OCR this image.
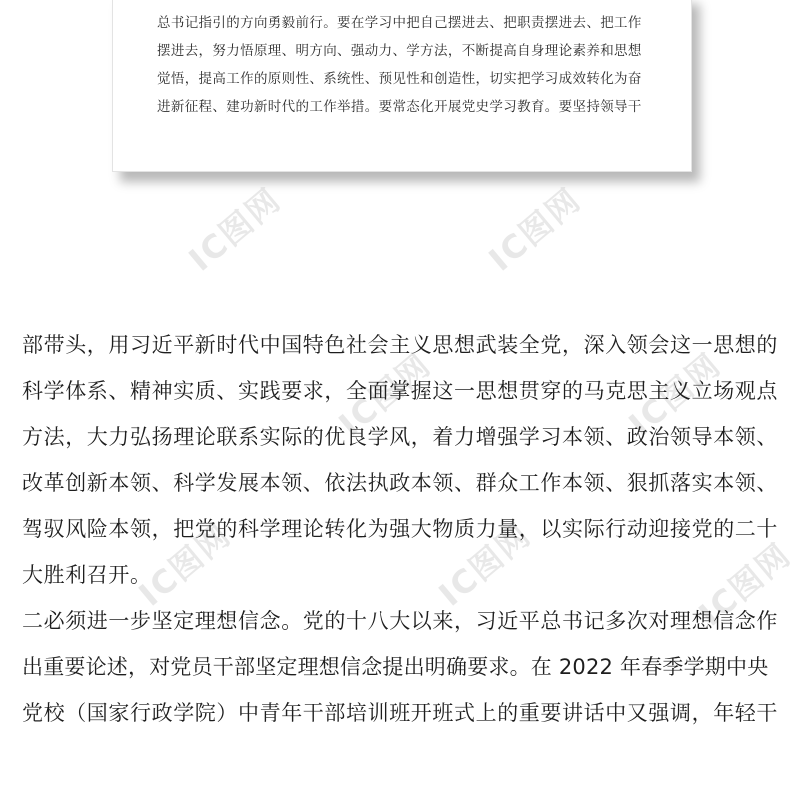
总书记指引的方向勇毅前行。要在学习中把自己摆进去、把职责摆进去、把工作
摆进去，努力悟原理、明方向、强动力、学方法，不断提高自身理论素养和思想
觉悟，提高工作的原则性、系统性、预见性和创造性，切实把学习成效转化为奋
进新征程、建功新时代的工作举措。要常态化开展党史学习教育。要坚持领导干
IC图网	IC图网
IC图网	IC图网
IC图网	IC图网	IC图网
部带头，用习近平新时代中国特色社会主义思想武装全党，深入领会这一思想的
科学体系、精神实质、实践要求，全面掌握这一思想贯穿的马克思主义立场观点
方法，大力弘扬理论联系实际的优良学风，着力增强学习本领、政治领导本领、
改革创新本领、科学发展本领、依法执政本领、群众工作本领、狠抓落实本领、
驾驭风险本领，把党的科学理论转化为强大物质力量，以实际行动迎接党的二十
大胜利召开。
二必须进一步坚定理想信念。党的十八大以来，习近平总书记多次对理想信念作
出重要论述，对党员干部坚定理想信念提出明确要求。在 2022 年春季学期中央
党校（国家行政学院）中青年干部培训班开班式上的重要讲话中又强调，年轻干
